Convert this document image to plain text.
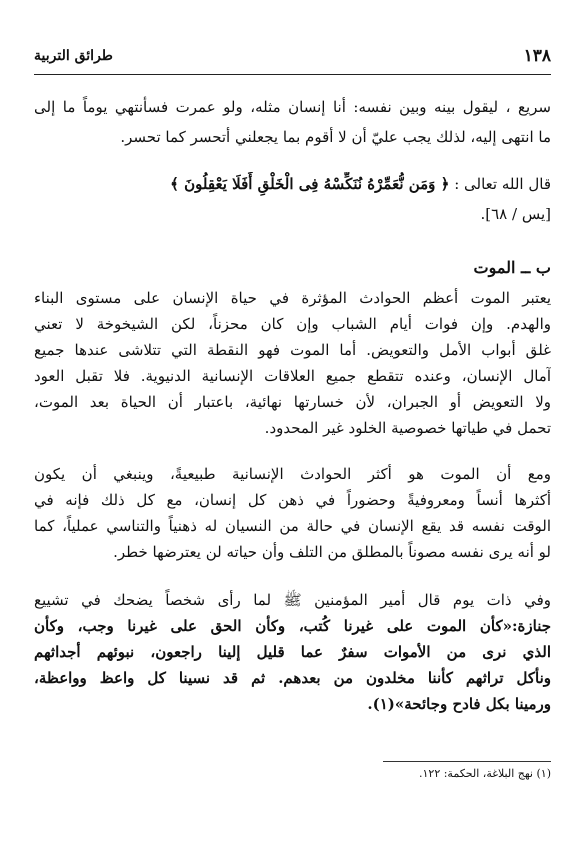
١٣٨
طرائق التربية
سريع ، ليقول بينه وبين نفسه: أنا إنسان مثله، ولو عمرت فسأنتهي يوماً ما إلى
ما انتهى إليه، لذلك يجب عليّ أن لا أقوم بما يجعلني أتحسر كما تحسر.
قال الله تعالى : ﴿ وَمَن نُّعَمِّرْهُ نُنَكِّسْهُ فِى الْخَلْقِ أَفَلَا يَعْقِلُونَ ﴾
[يس / ٦٨].
ب ــ الموت
يعتبر الموت أعظم الحوادث المؤثرة في حياة الإنسان على مستوى البناء
والهدم. وإن فوات أيام الشباب وإن كان محزناً، لكن الشيخوخة لا تعني
غلق أبواب الأمل والتعويض. أما الموت فهو النقطة التي تتلاشى عندها جميع
آمال الإنسان، وعنده تتقطع جميع العلاقات الإنسانية الدنيوية. فلا تقبل العود
ولا التعويض أو الجبران، لأن خسارتها نهائية، باعتبار أن الحياة بعد الموت،
تحمل في طياتها خصوصية الخلود غير المحدود.
ومع أن الموت هو أكثر الحوادث الإنسانية طبيعيةً، وينبغي أن يكون
أكثرها أنساً ومعروفيةً وحضوراً في ذهن كل إنسان، مع كل ذلك فإنه في
الوقت نفسه قد يقع الإنسان في حالة من النسيان له ذهنياً والتناسي عملياً، كما
لو أنه يرى نفسه مصوناً بالمطلق من التلف وأن حياته لن يعترضها خطر.
وفي ذات يوم قال أمير المؤمنين ﷺ لما رأى شخصاً يضحك في تشييع
جنازة:«كأن الموت على غيرنا كُتب، وكأن الحق على غيرنا وجب، وكأن
الذي نرى من الأموات سفرٌ عما قليل إلينا راجعون، نبوئهم أجداثهم
ونأكل تراثهم كأننا مخلدون من بعدهم. ثم قد نسينا كل واعظ وواعظة،
ورمينا بكل فادح وجائحة»(١).
(١) نهج البلاغة، الحكمة: ١٢٢.
